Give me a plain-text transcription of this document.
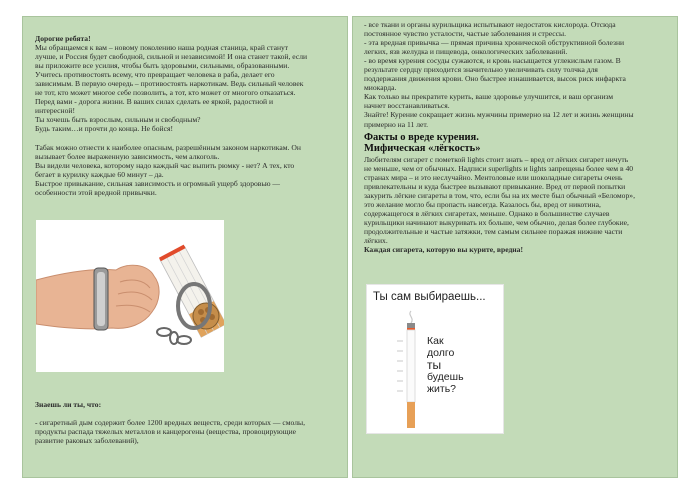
Дорогие ребята!

Мы обращаемся к вам – новому поколению наша родная станица, край станут

лучше, и Россия будет свободной, сильной и независимой! И она станет такой, если

вы приложите все усилия, чтобы быть здоровыми, сильными, образованными.

Учитесь противостоять всему, что превращает человека в раба, делает его

зависимым. В первую очередь – противостоять наркотикам. Ведь сильный человек

не тот, кто может многое себе позволить, а тот, кто может от многого отказаться.

Перед вами - дорога жизни. В ваших силах сделать ее яркой, радостной и

интересной!

Ты хочешь быть взрослым, сильным и свободным?

Будь таким…и прочти до конца. Не бойся!

Табак можно отнести к наиболее опасным, разрешённым законом наркотикам. Он

вызывает более выраженную зависимость, чем алкоголь.

Вы видели человека, которому надо каждый час выпить рюмку - нет? А тех, кто

бегает в курилку каждые 60 минут – да.

Быстрое привыкание, сильная зависимость и огромный ущерб здоровью —

особенности этой вредной привычки.

Знаешь ли ты, что:

- сигаретный дым содержит более 1200 вредных веществ, среди которых — смолы,

продукты распада тяжелых металлов и канцерогены (вещества, провоцирующие

развитие раковых заболеваний),

- все ткани и органы курильщика испытывают недостаток кислорода. Отсюда

постоянное чувство усталости, частые заболевания и стрессы.

- эта вредная привычка — прямая причина хронической обструктивной болезни

легких, язв желудка и пищевода, онкологических заболеваний.

- во время курения сосуды сужаются, и кровь насыщается углекислым газом. В

результате сердцу приходится значительно увеличивать силу толчка для

поддержания движения крови. Оно быстрее изнашивается, высок риск инфаркта

миокарда.

Как только вы прекратите курить, ваше здоровье улучшится, и ваш организм

начнет восстанавливаться.

Знайте! Курение сокращает жизнь мужчины примерно на 12 лет и жизнь женщины

примерно на 11 лет.

Факты о вреде курения.

Мифическая «лёгкость»

Любителям сигарет с пометкой lights стоит знать – вред от лёгких сигарет ничуть

не меньше, чем от обычных. Надписи superlights и lights запрещены более чем в 40

странах мира – и это неслучайно. Ментоловые или шоколадные сигареты очень

привлекательны и куда быстрее вызывают привыкание. Вред от первой попытки

закурить лёгкие сигареты в том, что, если бы на их месте был обычный «Беломор»,

это желание могло бы пропасть навсегда. Казалось бы, вред от никотина,

содержащегося в лёгких сигаретах, меньше. Однако в большинстве случаев

курильщики начинают выкуривать их больше, чем обычно, делая более глубокие,

продолжительные и частые затяжки, тем самым сильнее поражая нижние части

лёгких.

Каждая сигарета, которую вы курите, вредна!

Ты сам выбираешь...
Как
долго
ты
будешь
жить?
